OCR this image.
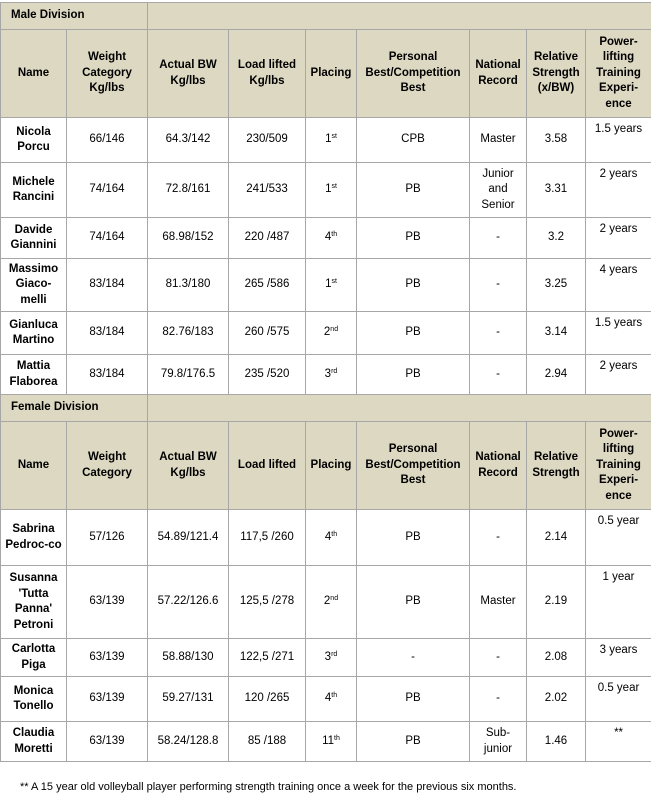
Male Division								
Name	Weight Category Kg/lbs	Actual BW Kg/lbs	Load lifted Kg/lbs	Placing	Personal Best/Competition Best	National Record	Relative Strength (x/BW)	Power-lifting Training Experi-ence
Nicola Porcu	66/146	64.3/142	230/509	1st	CPB	Master	3.58	1.5 years
Michele Rancini	74/164	72.8/161	241/533	1st	PB	Junior and Senior	3.31	2 years
Davide Giannini	74/164	68.98/152	220 /487	4th	PB	-	3.2	2 years
Massimo Giaco-melli	83/184	81.3/180	265 /586	1st	PB	-	3.25	4 years
Gianluca Martino	83/184	82.76/183	260 /575	2nd	PB	-	3.14	1.5 years
Mattia Flaborea	83/184	79.8/176.5	235 /520	3rd	PB	-	2.94	2 years
Female Division								
Name	Weight Category	Actual BW Kg/lbs	Load lifted	Placing	Personal Best/Competition Best	National Record	Relative Strength	Power-lifting Training Experi-ence
Sabrina Pedroc-co	57/126	54.89/121.4	117,5 /260	4th	PB	-	2.14	0.5 year
Susanna 'Tutta Panna' Petroni	63/139	57.22/126.6	125,5 /278	2nd	PB	Master	2.19	1 year
Carlotta Piga	63/139	58.88/130	122,5 /271	3rd	-	-	2.08	3 years
Monica Tonello	63/139	59.27/131	120 /265	4th	PB	-	2.02	0.5 year
Claudia Moretti	63/139	58.24/128.8	85 /188	11th	PB	Sub-junior	1.46	**
** A 15 year old volleyball player performing strength training once a week for the previous six months.
